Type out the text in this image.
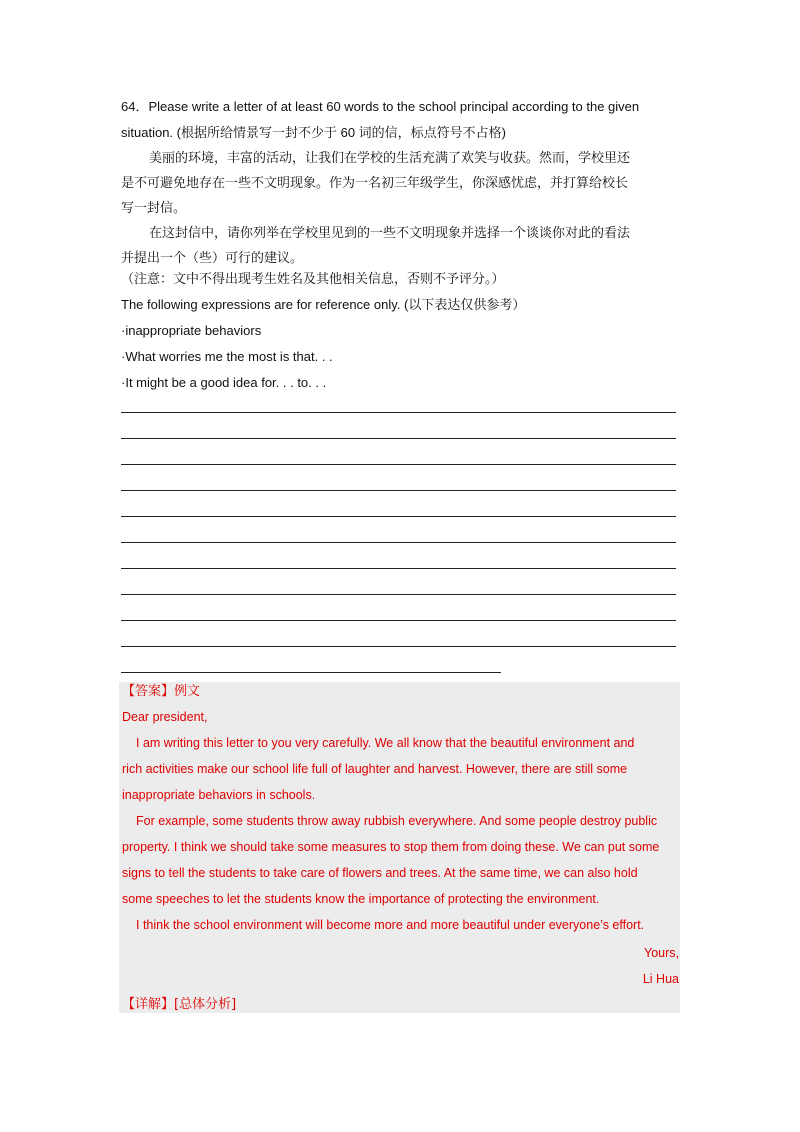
64．Please write a letter of at least 60 words to the school principal according to the given
situation. (根据所给情景写一封不少于 60 词的信，标点符号不占格)
美丽的环境，丰富的活动，让我们在学校的生活充满了欢笑与收获。然而，学校里还
是不可避免地存在一些不文明现象。作为一名初三年级学生，你深感忧虑，并打算给校长
写一封信。
在这封信中，请你列举在学校里见到的一些不文明现象并选择一个谈谈你对此的看法
并提出一个（些）可行的建议。
（注意：文中不得出现考生姓名及其他相关信息，否则不予评分。）
The following expressions are for reference only. (以下表达仅供参考）
·inappropriate behaviors
·What worries me the most is that. . .
·It might be a good idea for. . . to. . .
【答案】例文
Dear president,
I am writing this letter to you very carefully. We all know that the beautiful environment and
rich activities make our school life full of laughter and harvest. However, there are still some
inappropriate behaviors in schools.
For example, some students throw away rubbish everywhere. And some people destroy public
property. I think we should take some measures to stop them from doing these. We can put some
signs to tell the students to take care of flowers and trees. At the same time, we can also hold
some speeches to let the students know the importance of protecting the environment.
I think the school environment will become more and more beautiful under everyone’s effort.
Yours,
Li Hua
【详解】[总体分析]
